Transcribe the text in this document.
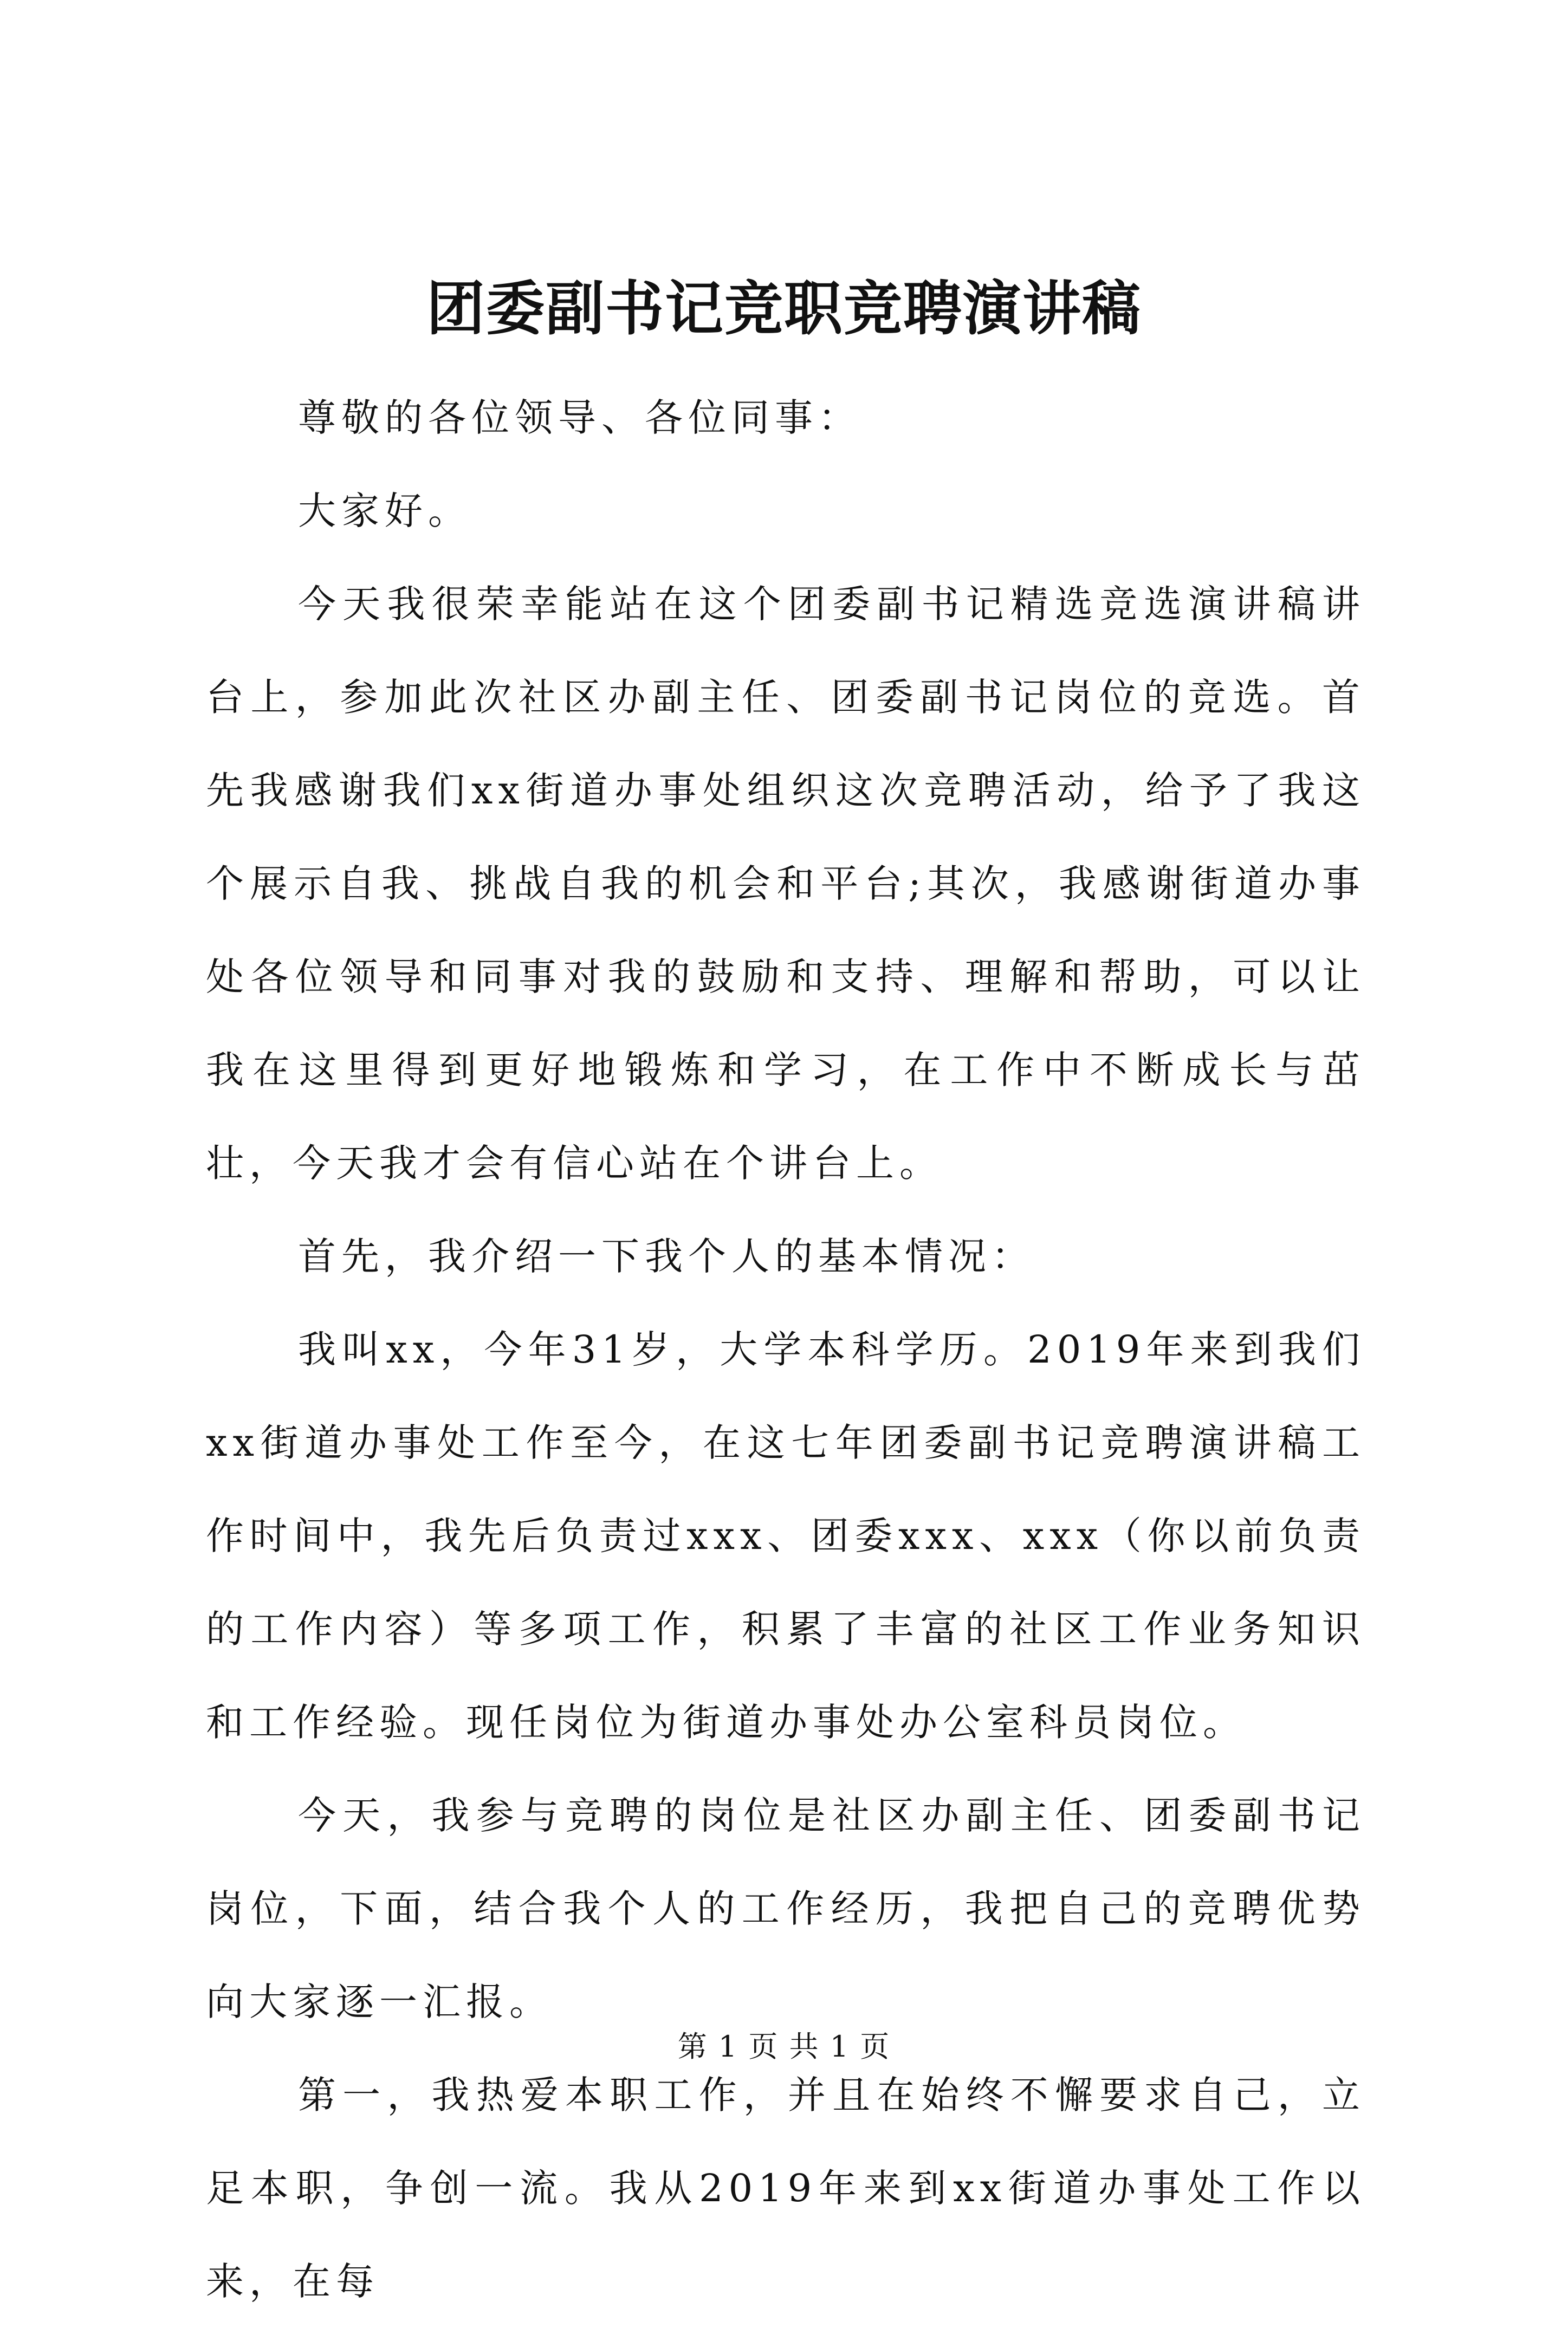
团委副书记竞职竞聘演讲稿

尊敬的各位领导、各位同事：

大家好。

今天我很荣幸能站在这个团委副书记精选竞选演讲稿讲台上，参加此次社区办副主任、团委副书记岗位的竞选。首先我感谢我们xx街道办事处组织这次竞聘活动，给予了我这个展示自我、挑战自我的机会和平台;其次，我感谢街道办事处各位领导和同事对我的鼓励和支持、理解和帮助，可以让我在这里得到更好地锻炼和学习，在工作中不断成长与茁壮，今天我才会有信心站在个讲台上。

首先，我介绍一下我个人的基本情况：

我叫xx，今年31岁，大学本科学历。2019年来到我们xx街道办事处工作至今，在这七年团委副书记竞聘演讲稿工作时间中，我先后负责过xxx、团委xxx、xxx（你以前负责的工作内容）等多项工作，积累了丰富的社区工作业务知识和工作经验。现任岗位为街道办事处办公室科员岗位。

今天，我参与竞聘的岗位是社区办副主任、团委副书记岗位，下面，结合我个人的工作经历，我把自己的竞聘优势向大家逐一汇报。

第一，我热爱本职工作，并且在始终不懈要求自己，立足本职，争创一流。我从2019年来到xx街道办事处工作以来，在每

第 1 页 共 1 页
